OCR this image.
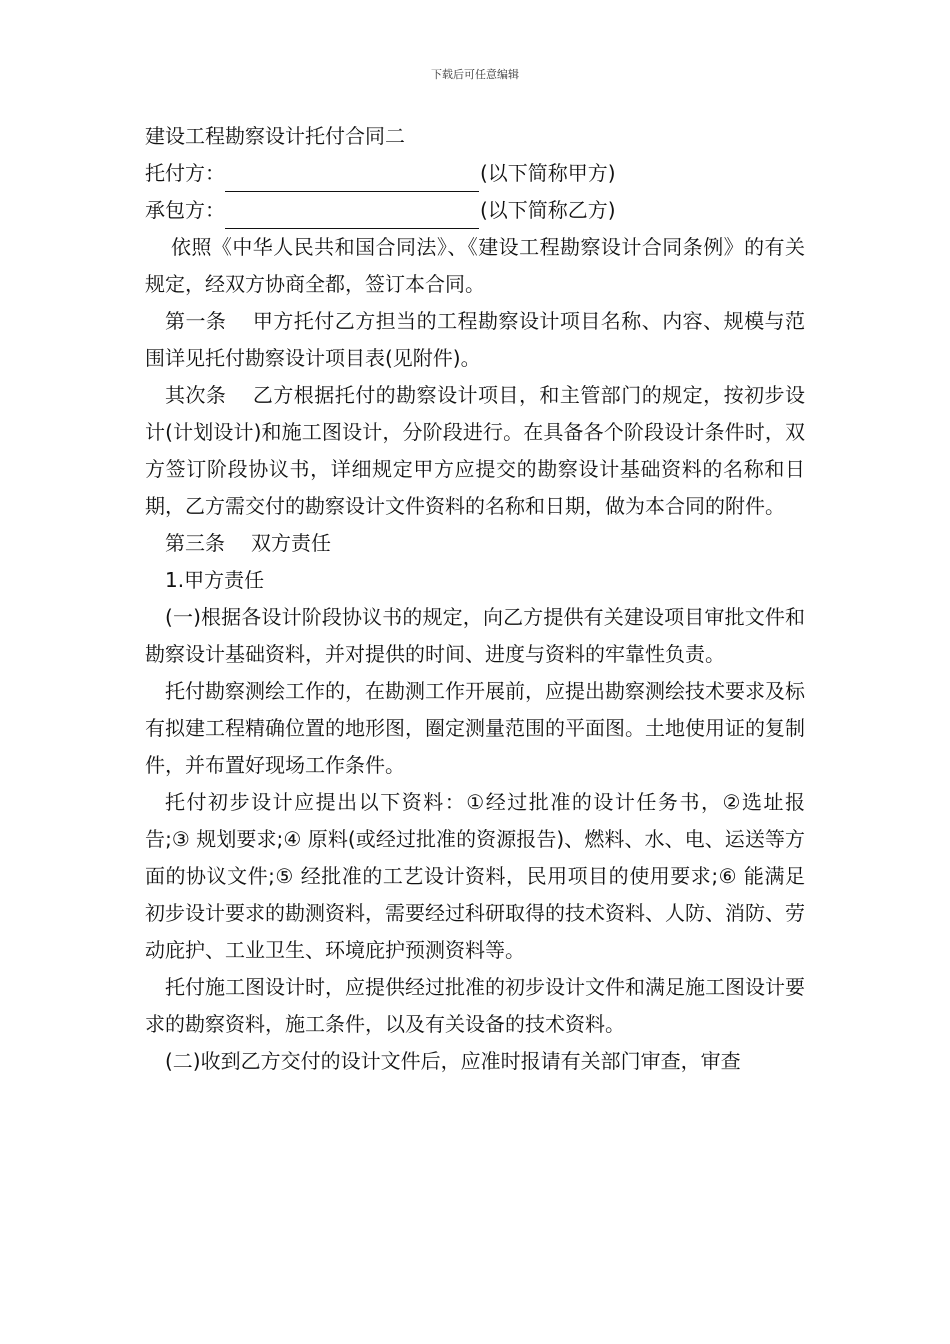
下载后可任意编辑

建设工程勘察设计托付合同二

托付方：	(以下简称甲方)

承包方：	(以下简称乙方)

依照《中华人民共和国合同法》、《建设工程勘察设计合同条例》的有关规定，经双方协商全都，签订本合同。

第一条 甲方托付乙方担当的工程勘察设计项目名称、内容、规模与范围详见托付勘察设计项目表(见附件)。

其次条 乙方根据托付的勘察设计项目，和主管部门的规定，按初步设计(计划设计)和施工图设计，分阶段进行。在具备各个阶段设计条件时，双方签订阶段协议书，详细规定甲方应提交的勘察设计基础资料的名称和日期，乙方需交付的勘察设计文件资料的名称和日期，做为本合同的附件。

第三条 双方责任

1.甲方责任

(一)根据各设计阶段协议书的规定，向乙方提供有关建设项目审批文件和勘察设计基础资料，并对提供的时间、进度与资料的牢靠性负责。

托付勘察测绘工作的，在勘测工作开展前，应提出勘察测绘技术要求及标有拟建工程精确位置的地形图，圈定测量范围的平面图。土地使用证的复制件，并布置好现场工作条件。

托付初步设计应提出以下资料：①经过批准的设计任务书，②选址报告;③ 规划要求;④ 原料(或经过批准的资源报告)、燃料、水、电、运送等方面的协议文件;⑤ 经批准的工艺设计资料，民用项目的使用要求;⑥ 能满足初步设计要求的勘测资料，需要经过科研取得的技术资料、人防、消防、劳动庇护、工业卫生、环境庇护预测资料等。

托付施工图设计时，应提供经过批准的初步设计文件和满足施工图设计要求的勘察资料，施工条件，以及有关设备的技术资料。

(二)收到乙方交付的设计文件后，应准时报请有关部门审查，审查
